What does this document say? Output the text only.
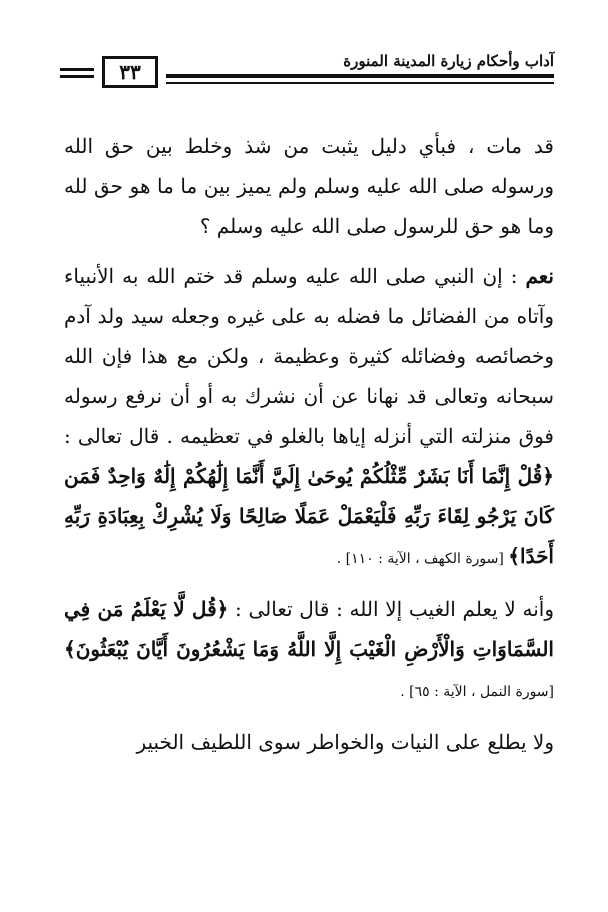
٣٣	آداب وأحكام زيارة المدينة المنورة

قد مات ، فبأي دليل يثبت من شذ وخلط بين حق الله ورسوله صلى الله عليه وسلم ولم يميز بين ما ما هو حق لله وما هو حق للرسول صلى الله عليه وسلم ؟

نعم : إن النبي صلى الله عليه وسلم قد ختم الله به الأنبياء وآتاه من الفضائل ما فضله به على غيره وجعله سيد ولد آدم وخصائصه وفضائله كثيرة وعظيمة ، ولكن مع هذا فإن الله سبحانه وتعالى قد نهانا عن أن نشرك به أو أن نرفع رسوله فوق منزلته التي أنزله إياها بالغلو في تعظيمه . قال تعالى : ﴿قُلْ إِنَّمَا أَنَا بَشَرٌ مِّثْلُكُمْ يُوحَىٰ إِلَيَّ أَنَّمَا إِلَٰهُكُمْ إِلَٰهٌ وَاحِدٌ فَمَن كَانَ يَرْجُو لِقَاءَ رَبِّهِ فَلْيَعْمَلْ عَمَلًا صَالِحًا وَلَا يُشْرِكْ بِعِبَادَةِ رَبِّهِ أَحَدًا﴾ [سورة الكهف ، الآية : ١١٠] .

وأنه لا يعلم الغيب إلا الله : قال تعالى : ﴿قُل لَّا يَعْلَمُ مَن فِي السَّمَاوَاتِ وَالْأَرْضِ الْغَيْبَ إِلَّا اللَّهُ وَمَا يَشْعُرُونَ أَيَّانَ يُبْعَثُونَ﴾[سورة النمل ، الآية : ٦٥] .

ولا يطلع على النيات والخواطر سوى اللطيف الخبير
